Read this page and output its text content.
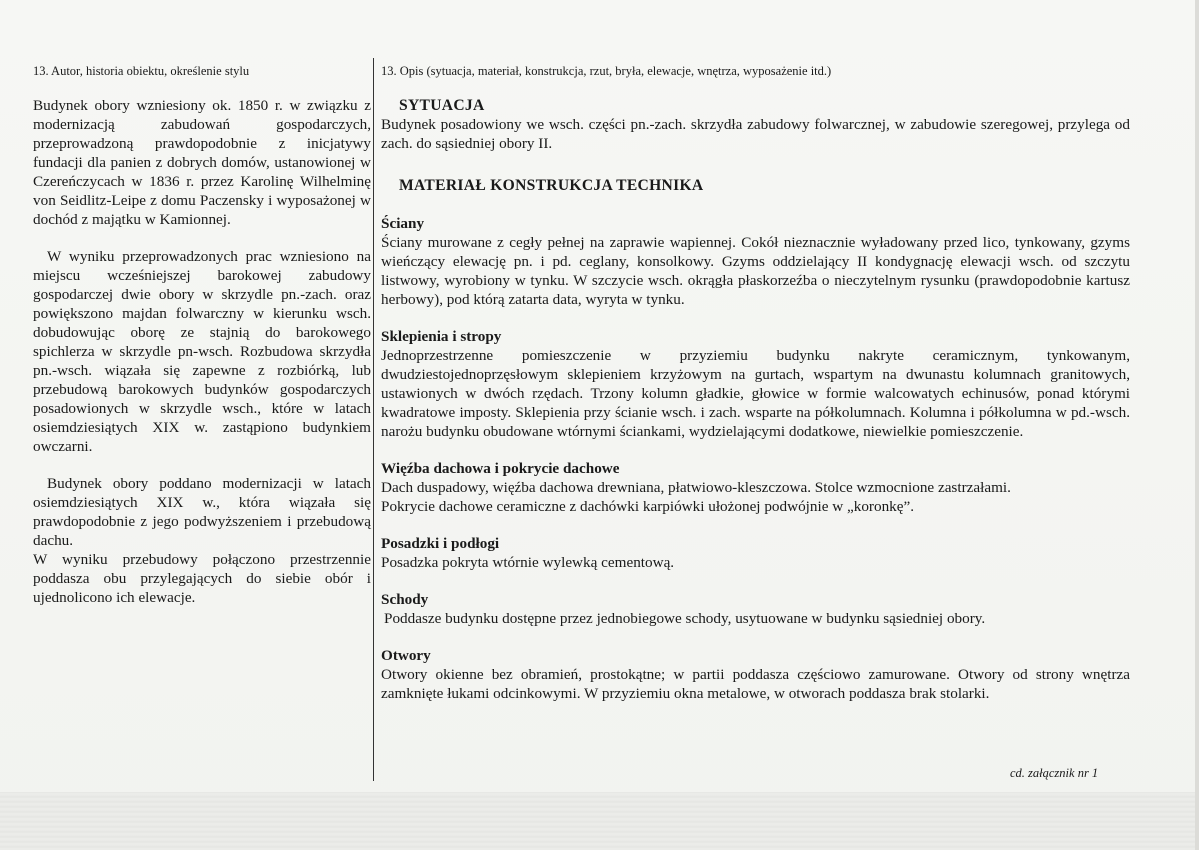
13. Autor, historia obiektu, określenie stylu	13. Opis (sytuacja, materiał, konstrukcja, rzut, bryła, elewacje, wnętrza, wyposażenie itd.)

Budynek obory wzniesiony ok. 1850 r. w związku z modernizacją zabudowań gospodarczych, przeprowadzoną prawdopodobnie z inicjatywy fundacji dla panien z dobrych domów, ustanowionej w Czereńczycach w 1836 r. przez Karolinę Wilhelminę von Seidlitz-Leipe z domu Paczensky i wyposażonej w dochód z majątku w Kamionnej.

W wyniku przeprowadzonych prac wzniesiono na miejscu wcześniejszej barokowej zabudowy gospodarczej dwie obory w skrzydle pn.-zach. oraz powiększono majdan folwarczny w kierunku wsch. dobudowując oborę ze stajnią do barokowego spichlerza w skrzydle pn-wsch. Rozbudowa skrzydła pn.-wsch. wiązała się zapewne z rozbiórką, lub przebudową barokowych budynków gospodarczych posadowionych w skrzydle wsch., które w latach osiemdziesiątych XIX w. zastąpiono budynkiem owczarni.

Budynek obory poddano modernizacji w latach osiemdziesiątych XIX w., która wiązała się prawdopodobnie z jego podwyższeniem i przebudową dachu.

W wyniku przebudowy połączono przestrzennie poddasza obu przylegających do siebie obór i ujednolicono ich elewacje.

SYTUACJA

Budynek posadowiony we wsch. części pn.-zach. skrzydła zabudowy folwarcznej, w zabudowie szeregowej, przylega od zach. do sąsiedniej obory II.

MATERIAŁ KONSTRUKCJA TECHNIKA
Ściany

Ściany murowane z cegły pełnej na zaprawie wapiennej. Cokół nieznacznie wyładowany przed lico, tynkowany, gzyms wieńczący elewację pn. i pd. ceglany, konsolkowy. Gzyms oddzielający II kondygnację elewacji wsch. od szczytu listwowy, wyrobiony w tynku. W szczycie wsch. okrągła płaskorzeźba o nieczytelnym rysunku (prawdopodobnie kartusz herbowy), pod którą zatarta data, wyryta w tynku.

Sklepienia i stropy

Jednoprzestrzenne pomieszczenie w przyziemiu budynku nakryte ceramicznym, tynkowanym, dwudziestojednoprzęsłowym sklepieniem krzyżowym na gurtach, wspartym na dwunastu kolumnach granitowych, ustawionych w dwóch rzędach. Trzony kolumn gładkie, głowice w formie walcowatych echinusów, ponad którymi kwadratowe imposty. Sklepienia przy ścianie wsch. i zach. wsparte na półkolumnach. Kolumna i półkolumna w pd.-wsch. narożu budynku obudowane wtórnymi ściankami, wydzielającymi dodatkowe, niewielkie pomieszczenie.

Więźba dachowa i pokrycie dachowe

Dach duspadowy, więźba dachowa drewniana, płatwiowo-kleszczowa. Stolce wzmocnione zastrzałami.

Pokrycie dachowe ceramiczne z dachówki karpiówki ułożonej podwójnie w „koronkę”.

Posadzki i podłogi

Posadzka pokryta wtórnie wylewką cementową.

Schody

Poddasze budynku dostępne przez jednobiegowe schody, usytuowane w budynku sąsiedniej obory.

Otwory

Otwory okienne bez obramień, prostokątne; w partii poddasza częściowo zamurowane. Otwory od strony wnętrza zamknięte łukami odcinkowymi. W przyziemiu okna metalowe, w otworach poddasza brak stolarki.

cd. załącznik nr 1
